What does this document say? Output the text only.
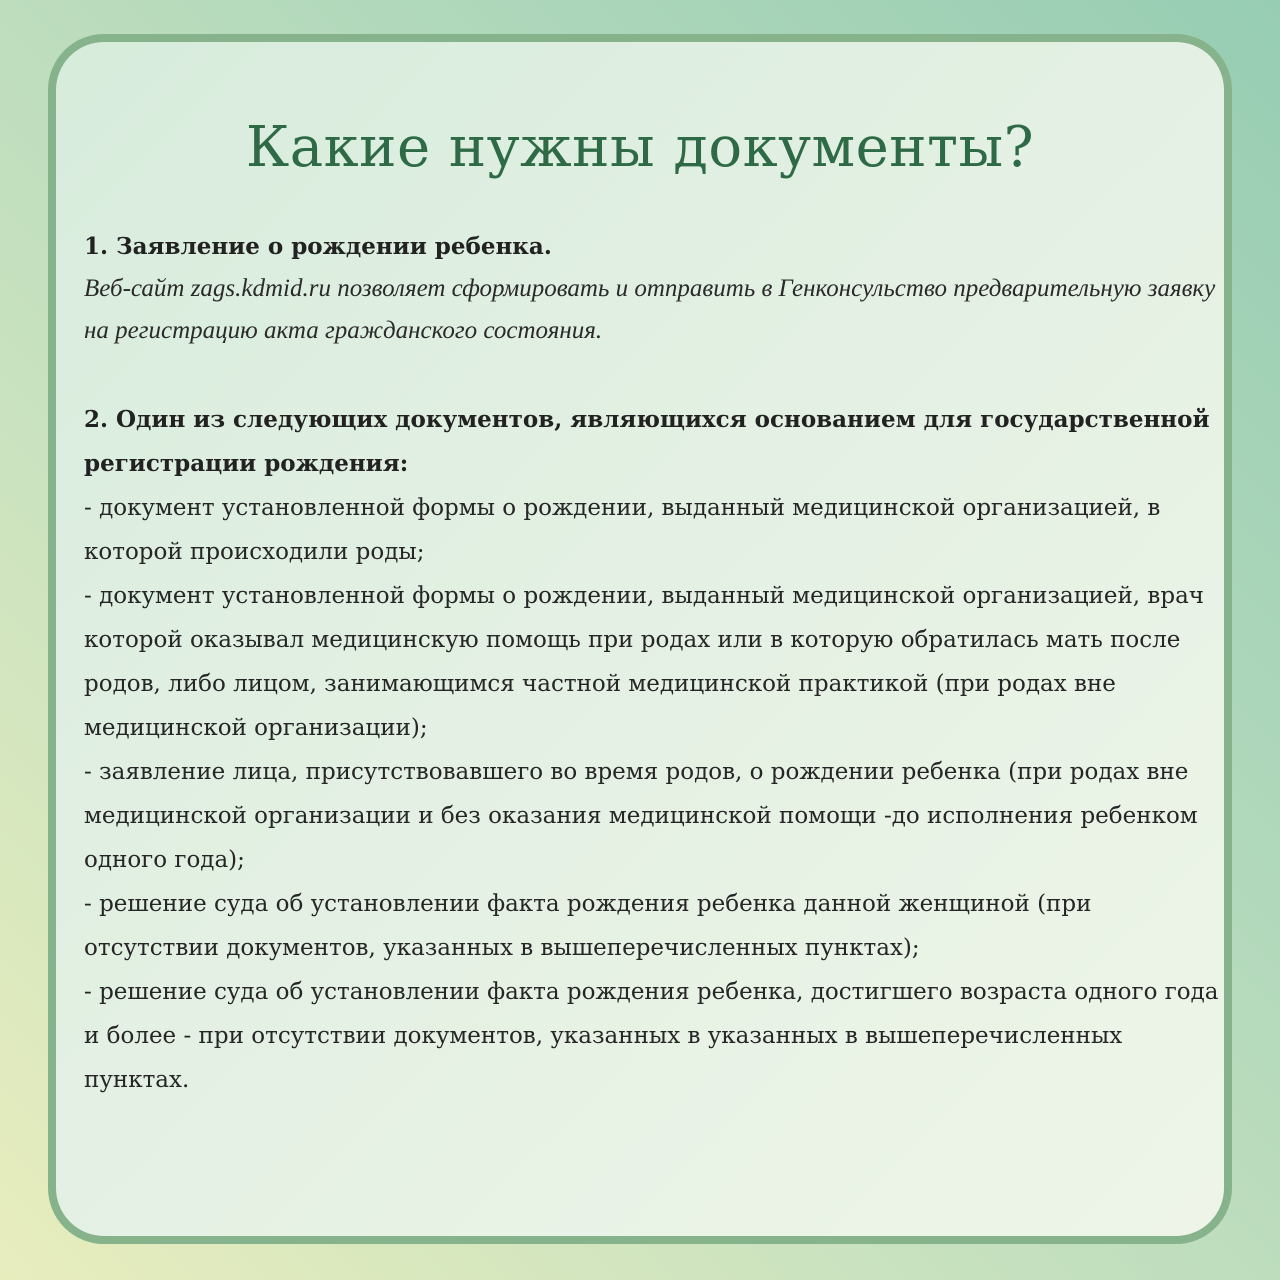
Какие нужны документы?

1. Заявление о рождении ребенка.

Веб-сайт zags.kdmid.ru позволяет сформировать и отправить в Генконсульство предварительную заявку на регистрацию акта гражданского состояния.

2. Один из следующих документов, являющихся основанием для государственной регистрации рождения:

- документ установленной формы о рождении, выданный медицинской организацией, в которой происходили роды;

- документ установленной формы о рождении, выданный медицинской организацией, врач которой оказывал медицинскую помощь при родах или в которую обратилась мать после родов, либо лицом, занимающимся частной медицинской практикой (при родах вне медицинской организации);

- заявление лица, присутствовавшего во время родов, о рождении ребенка (при родах вне медицинской организации и без оказания медицинской помощи -до исполнения ребенком одного года);

- решение суда об установлении факта рождения ребенка данной женщиной (при отсутствии документов, указанных в вышеперечисленных пунктах);

- решение суда об установлении факта рождения ребенка, достигшего возраста одного года и более - при отсутствии документов, указанных в указанных в вышеперечисленных пунктах.
